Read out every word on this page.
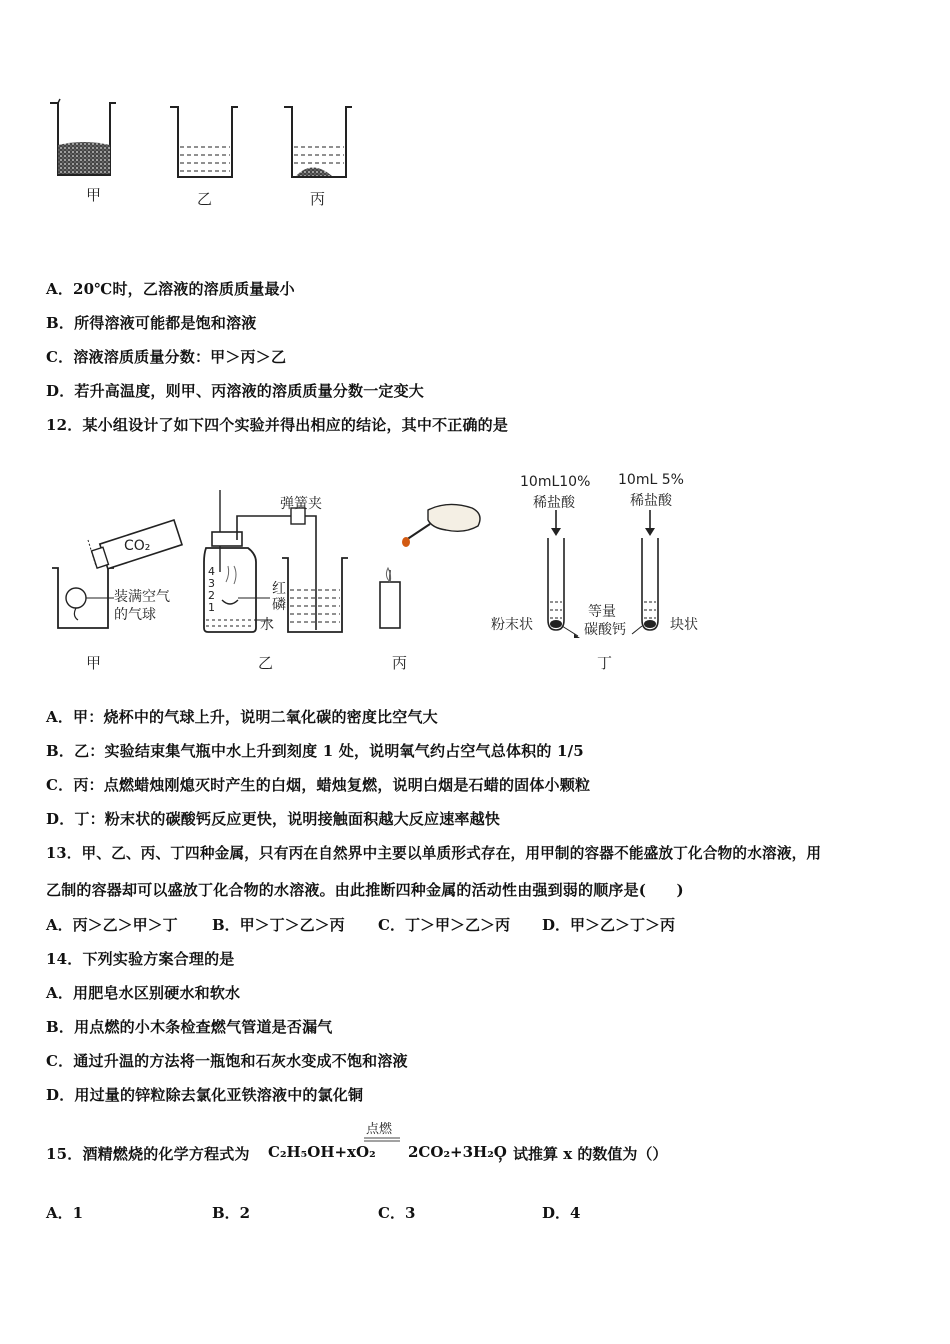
甲	乙	丙
A．20℃时，乙溶液的溶质质量最小
B．所得溶液可能都是饱和溶液
C．溶液溶质质量分数：甲＞丙＞乙
D．若升高温度，则甲、丙溶液的溶质质量分数一定变大
12．某小组设计了如下四个实验并得出相应的结论，其中不正确的是
CO₂
装满空气
的气球
弹簧夹
红
磷
水
4
3
2
1
10mL10%
稀盐酸
10mL 5%
稀盐酸
粉末状
等量
碳酸钙	块状
甲	乙	丙	丁
A．甲：烧杯中的气球上升，说明二氧化碳的密度比空气大
B．乙：实验结束集气瓶中水上升到刻度 1 处，说明氧气约占空气总体积的 1/5
C．丙：点燃蜡烛刚熄灭时产生的白烟，蜡烛复燃，说明白烟是石蜡的固体小颗粒
D．丁：粉末状的碳酸钙反应更快，说明接触面积越大反应速率越快
13．甲、乙、丙、丁四种金属，只有丙在自然界中主要以单质形式存在，用甲制的容器不能盛放丁化合物的水溶液，用
乙制的容器却可以盛放丁化合物的水溶液。由此推断四种金属的活动性由强到弱的顺序是(　　)
A．丙＞乙＞甲＞丁 B．甲＞丁＞乙＞丙 C．丁＞甲＞乙＞丙 D．甲＞乙＞丁＞丙
14．下列实验方案合理的是
A．用肥皂水区别硬水和软水
B．用点燃的小木条检查燃气管道是否漏气
C．通过升温的方法将一瓶饱和石灰水变成不饱和溶液
D．用过量的锌粒除去氯化亚铁溶液中的氯化铜
15．酒精燃烧的化学方程式为 C₂H₅OH+xO₂
点燃
2CO₂+3H₂O
，试推算 x 的数值为（）
A．1	B．2	C．3	D．4
